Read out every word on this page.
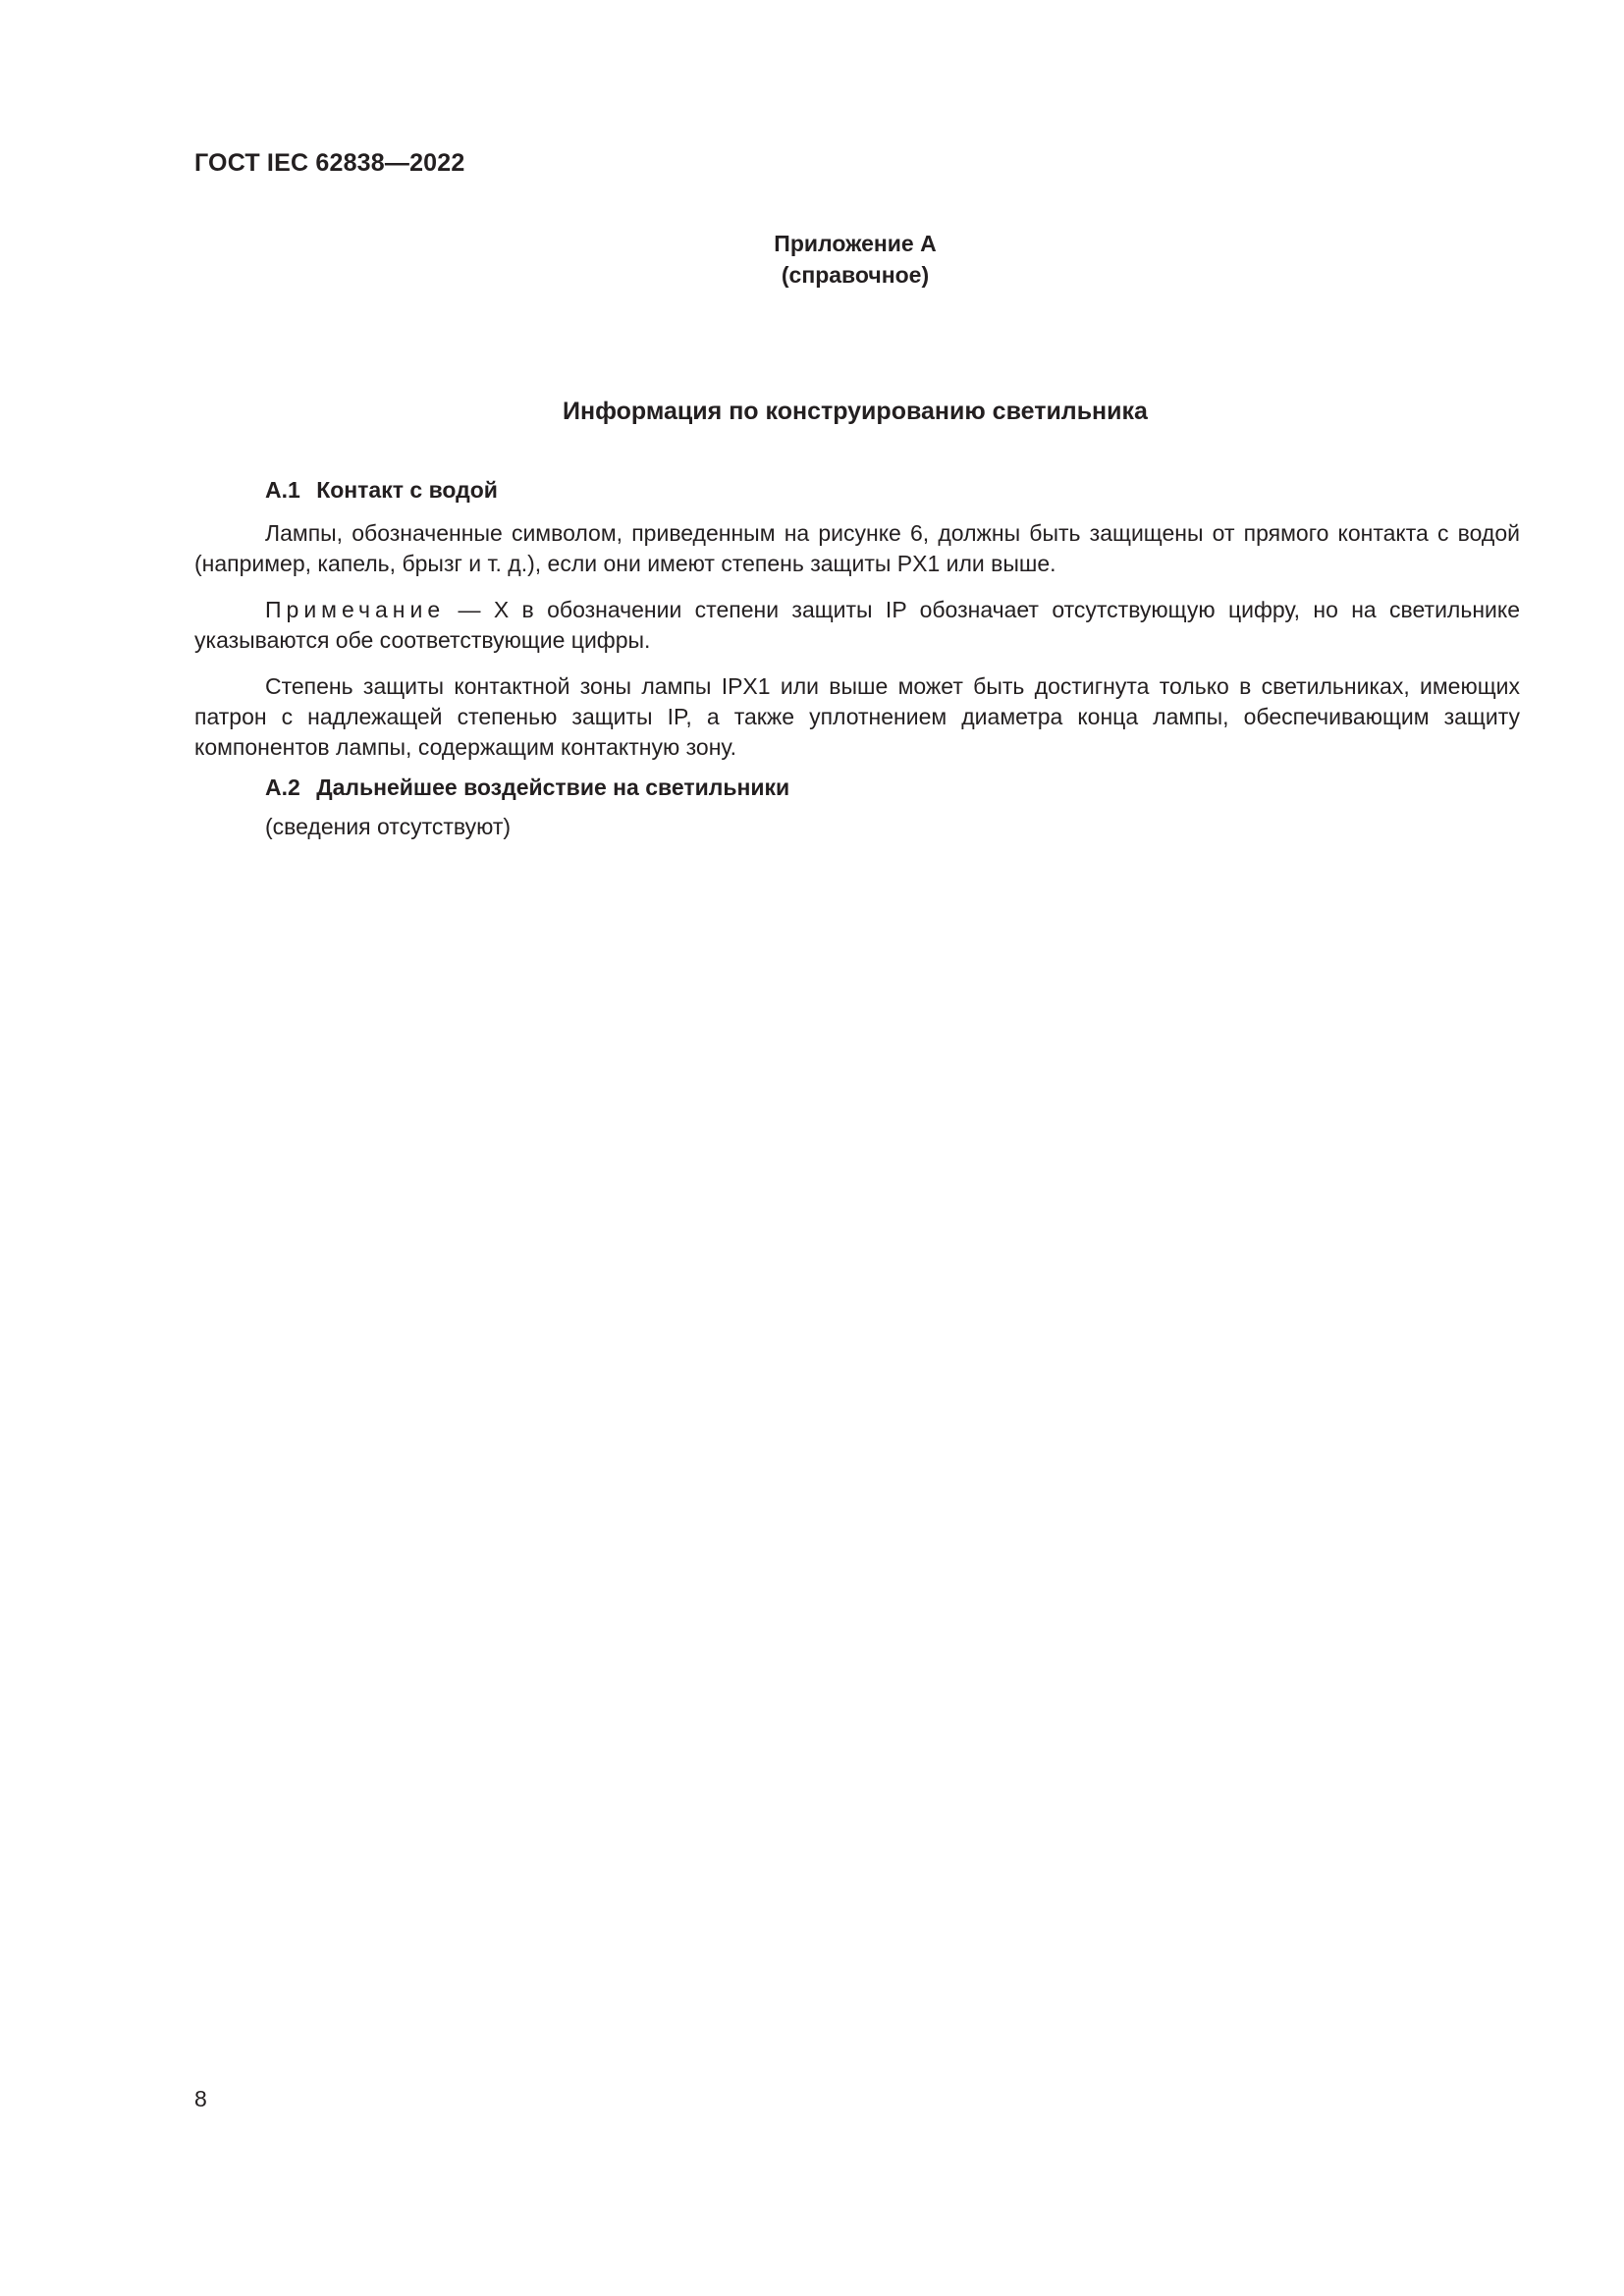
ГОСТ IEC 62838—2022
Приложение А
(справочное)
Информация по конструированию светильника
А.1 Контакт с водой

Лампы, обозначенные символом, приведенным на рисунке 6, должны быть защищены от прямого контакта с водой (например, капель, брызг и т. д.), если они имеют степень защиты PX1 или выше.

Примечание — X в обозначении степени защиты IP обозначает отсутствующую цифру, но на светильнике указываются обе соответствующие цифры.

Степень защиты контактной зоны лампы IPX1 или выше может быть достигнута только в светильниках, имеющих патрон с надлежащей степенью защиты IP, а также уплотнением диаметра конца лампы, обеспечивающим защиту компонентов лампы, содержащим контактную зону.

А.2 Дальнейшее воздействие на светильники
(сведения отсутствуют)
8
